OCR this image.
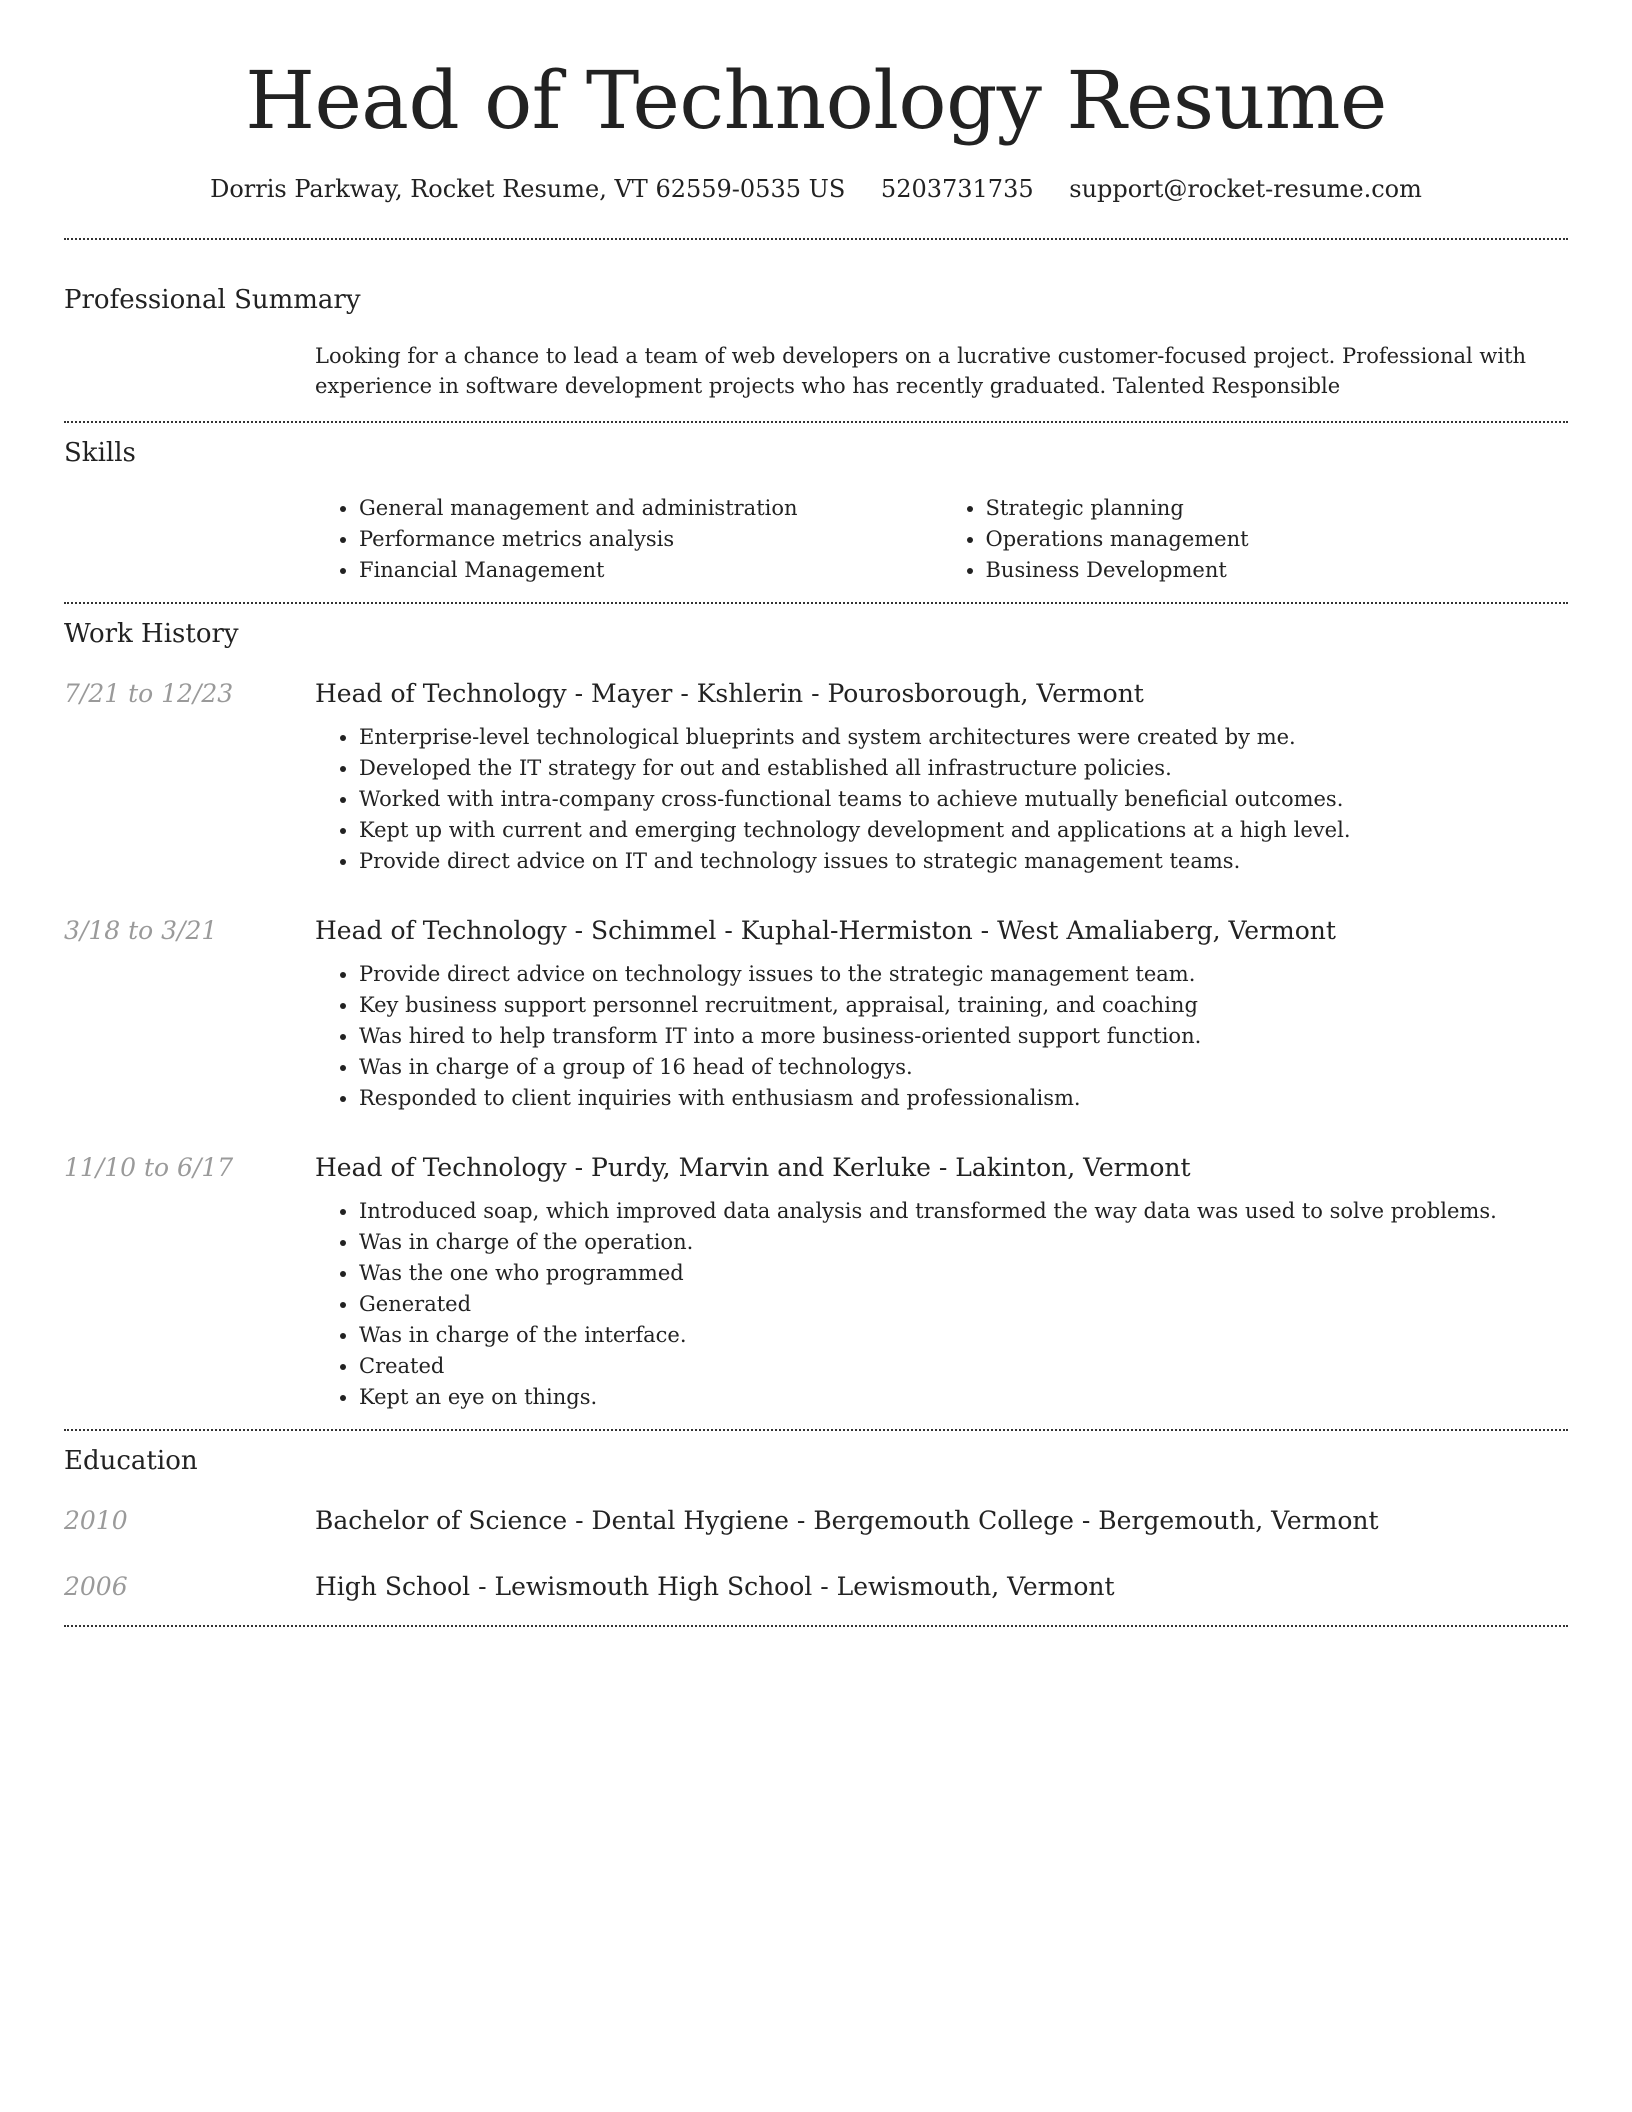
Head of Technology Resume
Dorris Parkway, Rocket Resume, VT 62559-0535 US 5203731735 support@rocket-resume.com
Professional Summary
Looking for a chance to lead a team of web developers on a lucrative customer-focused project. Professional with experience in software development projects who has recently graduated. Talented Responsible
Skills
• General management and administration
• Performance metrics analysis
• Financial Management
• Strategic planning
• Operations management
• Business Development
Work History
7/21 to 12/23	Head of Technology - Mayer - Kshlerin - Pourosborough, Vermont
• Enterprise-level technological blueprints and system architectures were created by me.
• Developed the IT strategy for out and established all infrastructure policies.
• Worked with intra-company cross-functional teams to achieve mutually beneficial outcomes.
• Kept up with current and emerging technology development and applications at a high level.
• Provide direct advice on IT and technology issues to strategic management teams.
3/18 to 3/21	Head of Technology - Schimmel - Kuphal-Hermiston - West Amaliaberg, Vermont
• Provide direct advice on technology issues to the strategic management team.
• Key business support personnel recruitment, appraisal, training, and coaching
• Was hired to help transform IT into a more business-oriented support function.
• Was in charge of a group of 16 head of technologys.
• Responded to client inquiries with enthusiasm and professionalism.
11/10 to 6/17	Head of Technology - Purdy, Marvin and Kerluke - Lakinton, Vermont
• Introduced soap, which improved data analysis and transformed the way data was used to solve problems.
• Was in charge of the operation.
• Was the one who programmed
• Generated
• Was in charge of the interface.
• Created
• Kept an eye on things.
Education
2010	Bachelor of Science - Dental Hygiene - Bergemouth College - Bergemouth, Vermont
2006	High School - Lewismouth High School - Lewismouth, Vermont
